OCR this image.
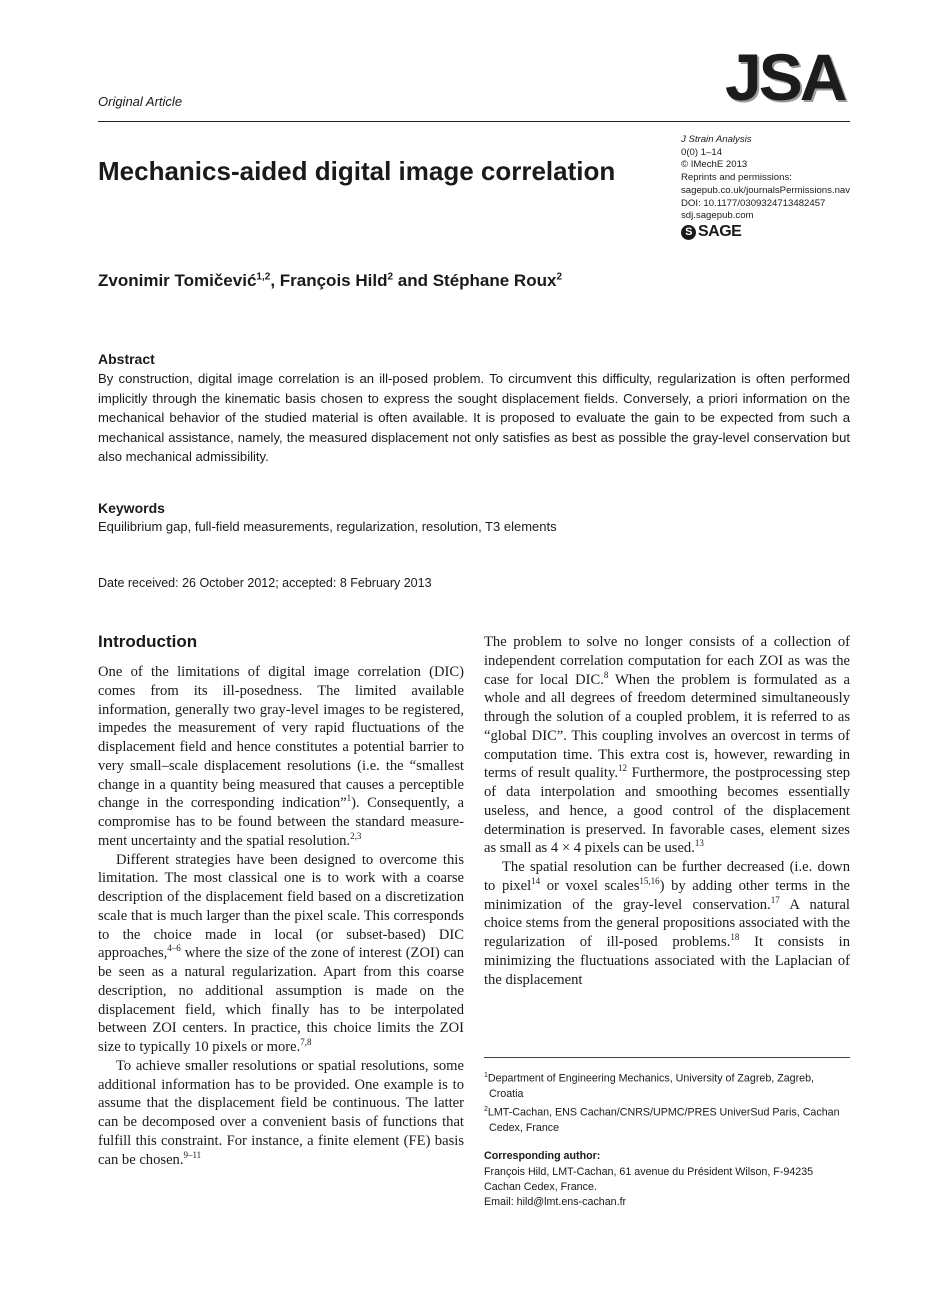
Original Article	JSA
J Strain Analysis
0(0) 1–14
© IMechE 2013
Reprints and permissions:
sagepub.co.uk/journalsPermissions.nav
DOI: 10.1177/0309324713482457
sdj.sagepub.com
S SAGE
Mechanics-aided digital image correlation
Zvonimir Tomičević$^{1,2}$, François Hild$^2$ and Stéphane Roux$^2$
Abstract
By construction, digital image correlation is an ill-posed problem. To circumvent this difficulty, regularization is often performed implicitly through the kinematic basis chosen to express the sought displacement fields. Conversely, a priori information on the mechanical behavior of the studied material is often available. It is proposed to evaluate the gain to be expected from such a mechanical assistance, namely, the measured displacement not only satisfies as best as possible the gray-level conservation but also mechanical admissibility.
Keywords
Equilibrium gap, full-field measurements, regularization, resolution, T3 elements
Date received: 26 October 2012; accepted: 8 February 2013
Introduction

One of the limitations of digital image correlation (DIC) comes from its ill-posedness. The limited available information, generally two gray-level images to be registered, impedes the measurement of very rapid fluctuations of the displacement field and hence constitutes a potential barrier to very small–scale displacement resolutions (i.e. the “smallest change in a quantity being measured that causes a perceptible change in the corresponding indication”$^1$). Consequently, a compromise has to be found between the standard measurement uncertainty and the spatial resolution.$^{2,3}$

Different strategies have been designed to overcome this limitation. The most classical one is to work with a coarse description of the displacement field based on a discretization scale that is much larger than the pixel scale. This corresponds to the choice made in local (or subset-based) DIC approaches,$^{4-6}$ where the size of the zone of interest (ZOI) can be seen as a natural regularization. Apart from this coarse description, no additional assumption is made on the displacement field, which finally has to be interpolated between ZOI centers. In practice, this choice limits the ZOI size to typically 10 pixels or more.$^{7,8}$

To achieve smaller resolutions or spatial resolutions, some additional information has to be provided. One example is to assume that the displacement field be continuous. The latter can be decomposed over a convenient basis of functions that fulfill this constraint. For instance, a finite element (FE) basis can be chosen.$^{9-11}$

The problem to solve no longer consists of a collection of independent correlation computation for each ZOI as was the case for local DIC.$^8$ When the problem is formulated as a whole and all degrees of freedom determined simultaneously through the solution of a coupled problem, it is referred to as “global DIC”. This coupling involves an overcost in terms of computation time. This extra cost is, however, rewarding in terms of result quality.$^{12}$ Furthermore, the postprocessing step of data interpolation and smoothing becomes essentially useless, and hence, a good control of the displacement determination is preserved. In favorable cases, element sizes as small as 4 × 4 pixels can be used.$^{13}$

The spatial resolution can be further decreased (i.e. down to pixel$^{14}$ or voxel scales$^{15,16}$) by adding other terms in the minimization of the gray-level conservation.$^{17}$ A natural choice stems from the general propositions associated with the regularization of ill-posed problems.$^{18}$ It consists in minimizing the fluctuations associated with the Laplacian of the displacement

$^1$Department of Engineering Mechanics, University of Zagreb, Zagreb,
Croatia
$^2$LMT-Cachan, ENS Cachan/CNRS/UPMC/PRES UniverSud Paris, Cachan
Cedex, France
Corresponding author:
François Hild, LMT-Cachan, 61 avenue du Président Wilson, F-94235
Cachan Cedex, France.
Email: hild@lmt.ens-cachan.fr
